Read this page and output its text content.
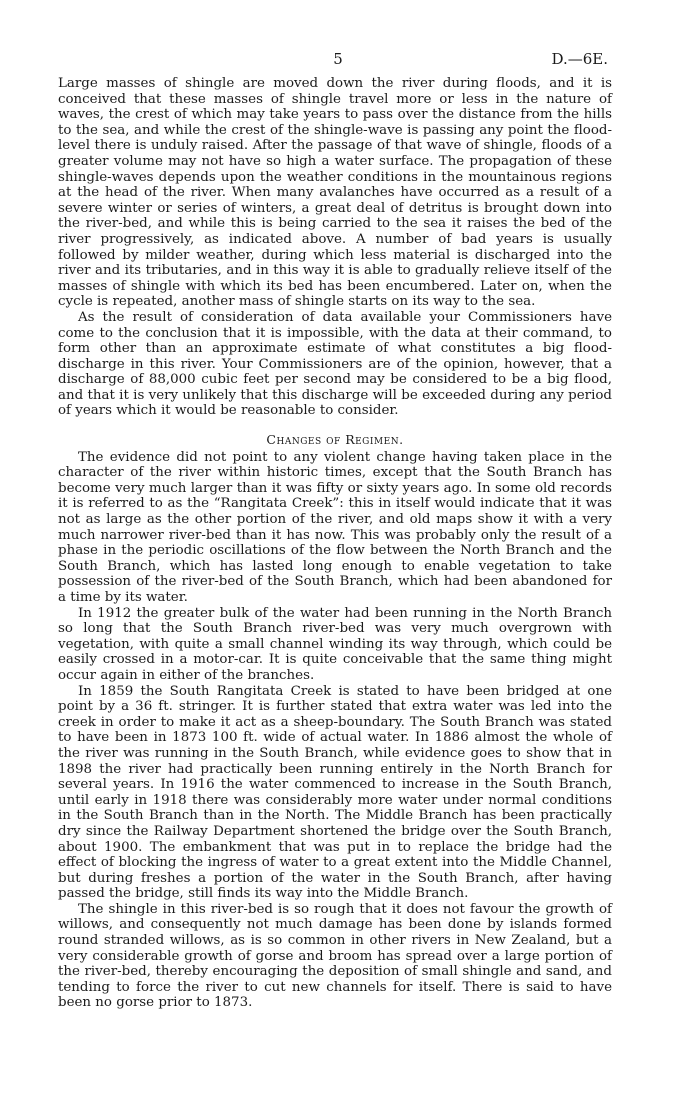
5	D.—6E.

Large masses of shingle are moved down the river during floods, and it is conceived that these masses of shingle travel more or less in the nature of waves, the crest of which may take years to pass over the distance from the hills to the sea, and while the crest of the shingle-wave is passing any point the flood-level there is unduly raised. After the passage of that wave of shingle, floods of a greater volume may not have so high a water surface. The propagation of these shingle-waves depends upon the weather conditions in the mountainous regions at the head of the river. When many avalanches have occurred as a result of a severe winter or series of winters, a great deal of detritus is brought down into the river-bed, and while this is being carried to the sea it raises the bed of the river progressively, as indicated above. A number of bad years is usually followed by milder weather, during which less material is discharged into the river and its tributaries, and in this way it is able to gradually relieve itself of the masses of shingle with which its bed has been encumbered. Later on, when the cycle is repeated, another mass of shingle starts on its way to the sea.

As the result of consideration of data available your Commissioners have come to the conclusion that it is impossible, with the data at their command, to form other than an approximate estimate of what constitutes a big flood-discharge in this river. Your Commissioners are of the opinion, however, that a discharge of 88,000 cubic feet per second may be considered to be a big flood, and that it is very unlikely that this discharge will be exceeded during any period of years which it would be reasonable to consider.

Changes of Regimen.

The evidence did not point to any violent change having taken place in the character of the river within historic times, except that the South Branch has become very much larger than it was fifty or sixty years ago. In some old records it is referred to as the “Rangitata Creek”: this in itself would indicate that it was not as large as the other portion of the river, and old maps show it with a very much narrower river-bed than it has now. This was probably only the result of a phase in the periodic oscillations of the flow between the North Branch and the South Branch, which has lasted long enough to enable vegetation to take possession of the river-bed of the South Branch, which had been abandoned for a time by its water.

In 1912 the greater bulk of the water had been running in the North Branch so long that the South Branch river-bed was very much overgrown with vegetation, with quite a small channel winding its way through, which could be easily crossed in a motor-car. It is quite conceivable that the same thing might occur again in either of the branches.

In 1859 the South Rangitata Creek is stated to have been bridged at one point by a 36 ft. stringer. It is further stated that extra water was led into the creek in order to make it act as a sheep-boundary. The South Branch was stated to have been in 1873 100 ft. wide of actual water. In 1886 almost the whole of the river was running in the South Branch, while evidence goes to show that in 1898 the river had practically been running entirely in the North Branch for several years. In 1916 the water commenced to increase in the South Branch, until early in 1918 there was considerably more water under normal conditions in the South Branch than in the North. The Middle Branch has been practically dry since the Railway Department shortened the bridge over the South Branch, about 1900. The embankment that was put in to replace the bridge had the effect of blocking the ingress of water to a great extent into the Middle Channel, but during freshes a portion of the water in the South Branch, after having passed the bridge, still finds its way into the Middle Branch.

The shingle in this river-bed is so rough that it does not favour the growth of willows, and consequently not much damage has been done by islands formed round stranded willows, as is so common in other rivers in New Zealand, but a very considerable growth of gorse and broom has spread over a large portion of the river-bed, thereby encouraging the deposition of small shingle and sand, and tending to force the river to cut new channels for itself. There is said to have been no gorse prior to 1873.
